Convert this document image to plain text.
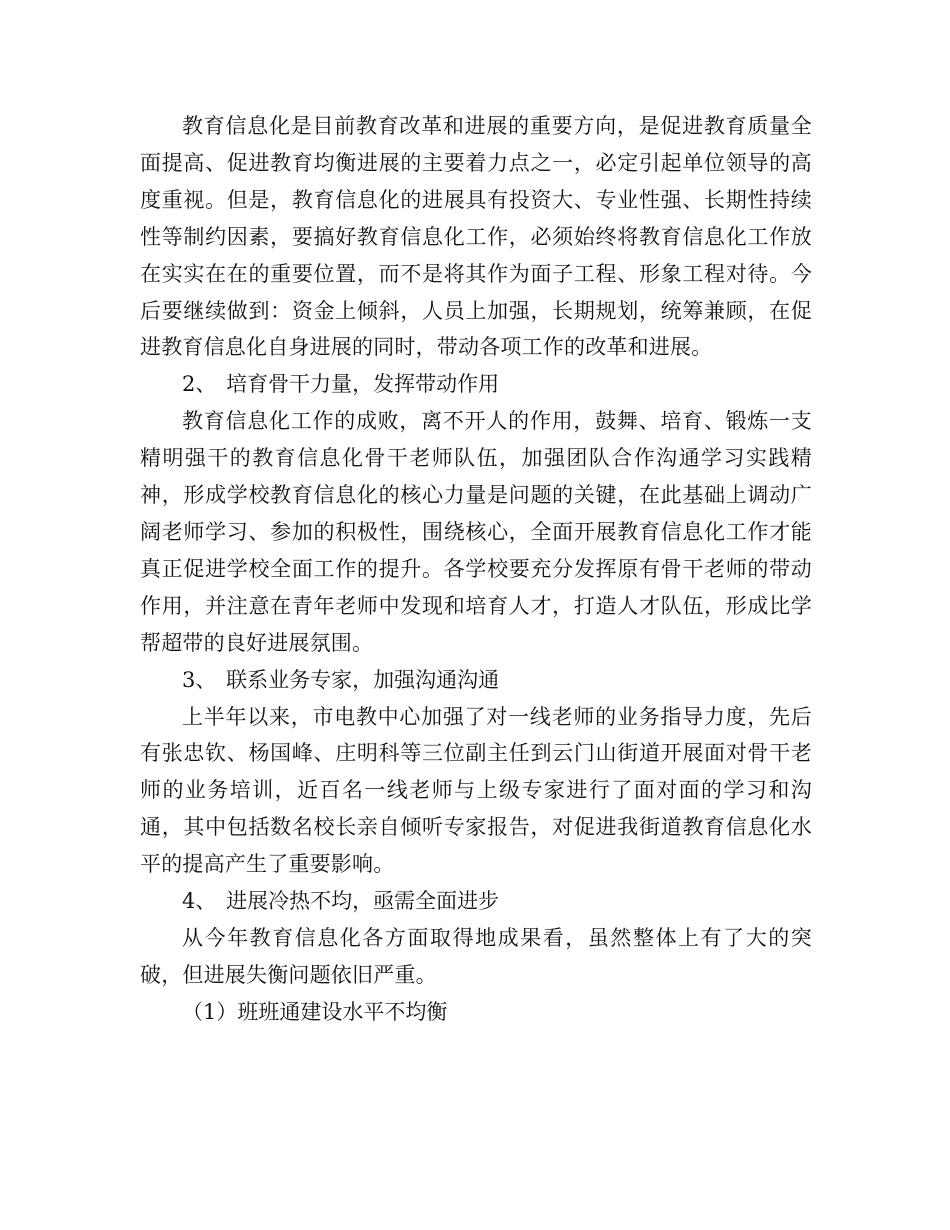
教育信息化是目前教育改革和进展的重要方向，是促进教育质量全面提高、促进教育均衡进展的主要着力点之一，必定引起单位领导的高度重视。但是，教育信息化的进展具有投资大、专业性强、长期性持续性等制约因素，要搞好教育信息化工作，必须始终将教育信息化工作放在实实在在的重要位置，而不是将其作为面子工程、形象工程对待。今后要继续做到：资金上倾斜，人员上加强，长期规划，统筹兼顾，在促进教育信息化自身进展的同时，带动各项工作的改革和进展。

2、 培育骨干力量，发挥带动作用

教育信息化工作的成败，离不开人的作用，鼓舞、培育、锻炼一支精明强干的教育信息化骨干老师队伍，加强团队合作沟通学习实践精神，形成学校教育信息化的核心力量是问题的关键，在此基础上调动广阔老师学习、参加的积极性，围绕核心，全面开展教育信息化工作才能真正促进学校全面工作的提升。各学校要充分发挥原有骨干老师的带动作用，并注意在青年老师中发现和培育人才，打造人才队伍，形成比学帮超带的良好进展氛围。

3、 联系业务专家，加强沟通沟通

上半年以来，市电教中心加强了对一线老师的业务指导力度，先后有张忠钦、杨国峰、庄明科等三位副主任到云门山街道开展面对骨干老师的业务培训，近百名一线老师与上级专家进行了面对面的学习和沟通，其中包括数名校长亲自倾听专家报告，对促进我街道教育信息化水平的提高产生了重要影响。

4、 进展冷热不均，亟需全面进步

从今年教育信息化各方面取得地成果看，虽然整体上有了大的突破，但进展失衡问题依旧严重。

（1）班班通建设水平不均衡
